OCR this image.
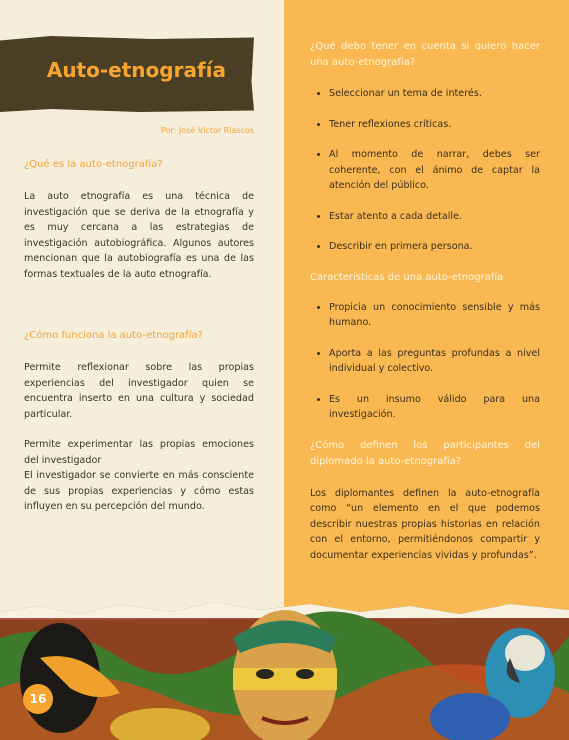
Auto-etnografía
Por: José Víctor Riascos
¿Qué es la auto-etnografía?

La auto etnografía es una técnica de investigación que se deriva de la etnografía y es muy cercana a las estrategias de investigación autobiográfica. Algunos autores mencionan que la autobiografía es una de las formas textuales de la auto etnografía.

¿Cómo funciona la auto-etnografía?

Permite reflexionar sobre las propias experiencias del investigador quien se encuentra inserto en una cultura y sociedad particular.

Permite experimentar las propias emociones del investigador

El investigador se convierte en más consciente de sus propias experiencias y cómo estas influyen en su percepción del mundo.

¿Qué debo tener en cuenta si quiero hacer una auto-etnografía?
• Seleccionar un tema de interés.
• Tener reflexiones críticas.
• Al momento de narrar, debes ser coherente, con el ánimo de captar la atención del público.
• Estar atento a cada detalle.
• Describir en primera persona.
Características de una auto-etnografía
• Propicia un conocimiento sensible y más humano.
• Aporta a las preguntas profundas a nivel individual y colectivo.
• Es un insumo válido para una investigación.
¿Cómo definen los participantes del diplomado la auto-etnografía?

Los diplomantes definen la auto-etnografía como “un elemento en el que podemos describir nuestras propias historias en relación con el entorno, permitiéndonos compartir y documentar experiencias vividas y profundas”.

16
